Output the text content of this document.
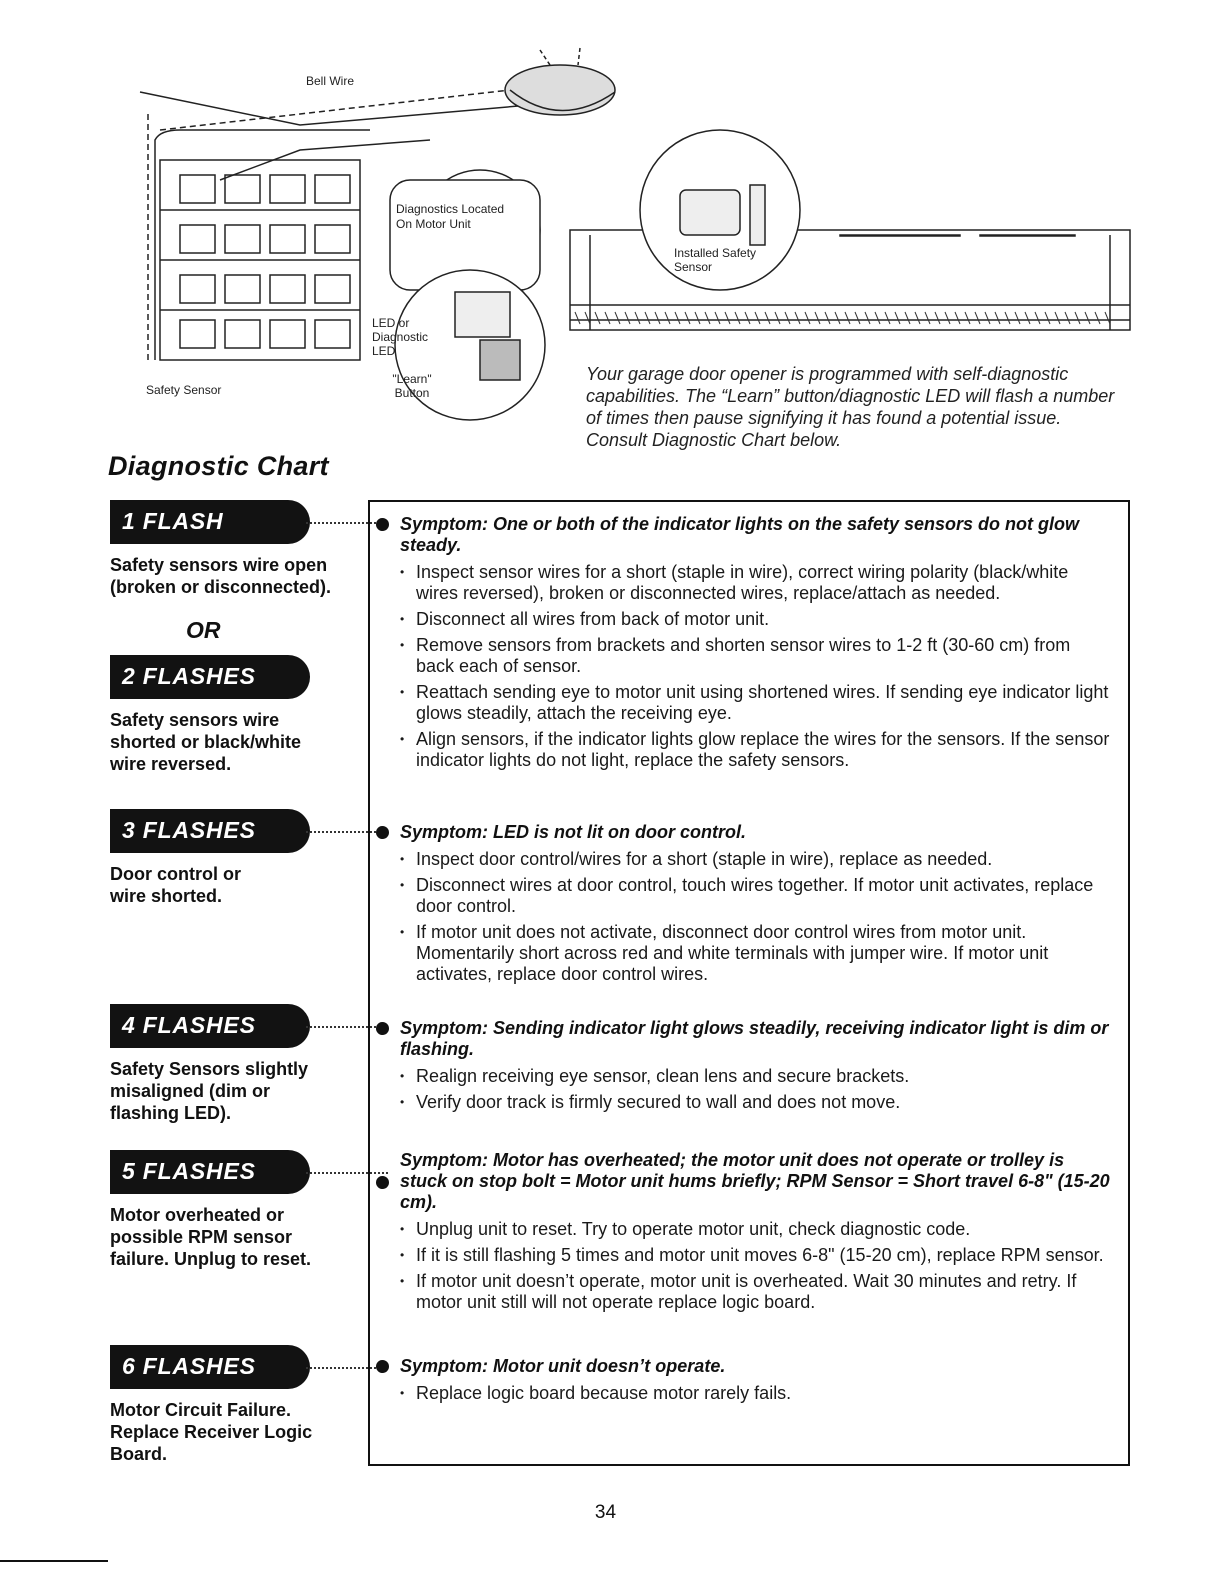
Bell Wire
Safety Sensor
Diagnostics Located On Motor Unit
LED or Diagnostic LED
"Learn" Button
Installed Safety Sensor
Your garage door opener is programmed with self-diagnostic capabilities. The “Learn” button/diagnostic LED will flash a number of times then pause signifying it has found a potential issue. Consult Diagnostic Chart below.
Diagnostic Chart
1 FLASH
Safety sensors wire open (broken or disconnected).
OR
2 FLASHES
Safety sensors wire shorted or black/white wire reversed.
3 FLASHES
Door control or wire shorted.
4 FLASHES
Safety Sensors slightly misaligned (dim or flashing LED).
5 FLASHES
Motor overheated or possible RPM sensor failure. Unplug to reset.
6 FLASHES
Motor Circuit Failure. Replace Receiver Logic Board.
Symptom: One or both of the indicator lights on the safety sensors do not glow steady.
• Inspect sensor wires for a short (staple in wire), correct wiring polarity (black/white wires reversed), broken or disconnected wires, replace/attach as needed.
• Disconnect all wires from back of motor unit.
• Remove sensors from brackets and shorten sensor wires to 1-2 ft (30-60 cm) from back each of sensor.
• Reattach sending eye to motor unit using shortened wires. If sending eye indicator light glows steadily, attach the receiving eye.
• Align sensors, if the indicator lights glow replace the wires for the sensors. If the sensor indicator lights do not light, replace the safety sensors.
Symptom: LED is not lit on door control.
• Inspect door control/wires for a short (staple in wire), replace as needed.
• Disconnect wires at door control, touch wires together. If motor unit activates, replace door control.
• If motor unit does not activate, disconnect door control wires from motor unit. Momentarily short across red and white terminals with jumper wire. If motor unit activates, replace door control wires.
Symptom: Sending indicator light glows steadily, receiving indicator light is dim or flashing.
• Realign receiving eye sensor, clean lens and secure brackets.
• Verify door track is firmly secured to wall and does not move.
Symptom: Motor has overheated; the motor unit does not operate or trolley is stuck on stop bolt = Motor unit hums briefly; RPM Sensor = Short travel 6-8" (15-20 cm).
• Unplug unit to reset. Try to operate motor unit, check diagnostic code.
• If it is still flashing 5 times and motor unit moves 6-8" (15-20 cm), replace RPM sensor.
• If motor unit doesn’t operate, motor unit is overheated. Wait 30 minutes and retry. If motor unit still will not operate replace logic board.
Symptom: Motor unit doesn’t operate.
• Replace logic board because motor rarely fails.
34
